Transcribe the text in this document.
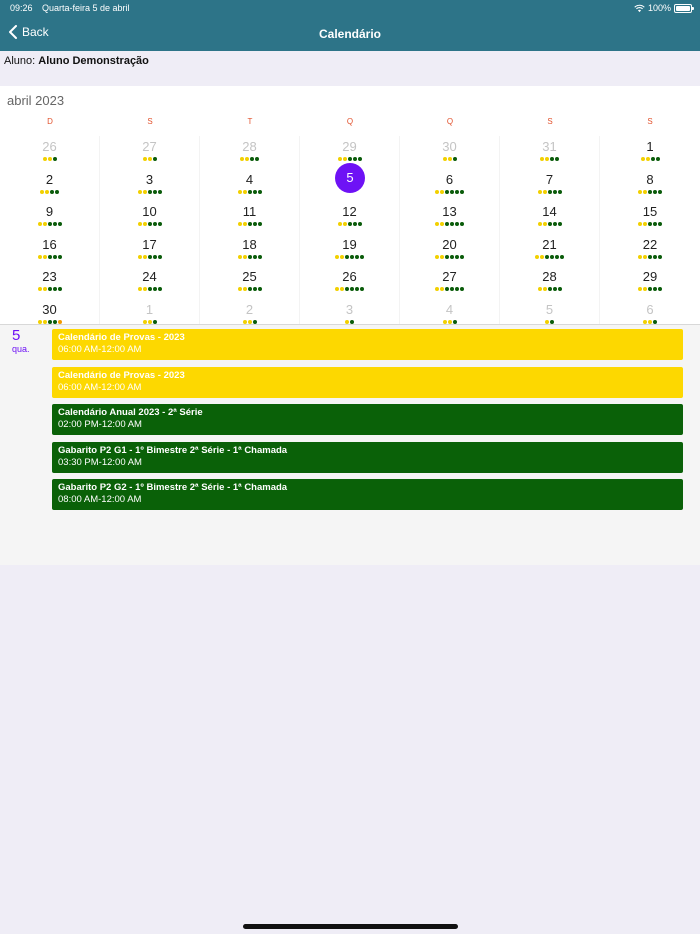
09:26 Quarta-feira 5 de abril	100%
Back	Calendário
Aluno: Aluno Demonstração
abril 2023
D	S	T	Q	Q	S	S
26	27	28	29	30	31	1
2	3	4	5	6	7	8
9	10	11	12	13	14	15
16	17	18	19	20	21	22
23	24	25	26	27	28	29
30	1	2	3	4	5	6
5
qua.
Calendário de Provas - 2023
06:00 AM-12:00 AM
Calendário de Provas - 2023
06:00 AM-12:00 AM
Calendário Anual 2023 - 2ª Série
02:00 PM-12:00 AM
Gabarito P2 G1 - 1º Bimestre 2ª Série - 1ª Chamada
03:30 PM-12:00 AM
Gabarito P2 G2 - 1º Bimestre 2ª Série - 1ª Chamada
08:00 AM-12:00 AM
